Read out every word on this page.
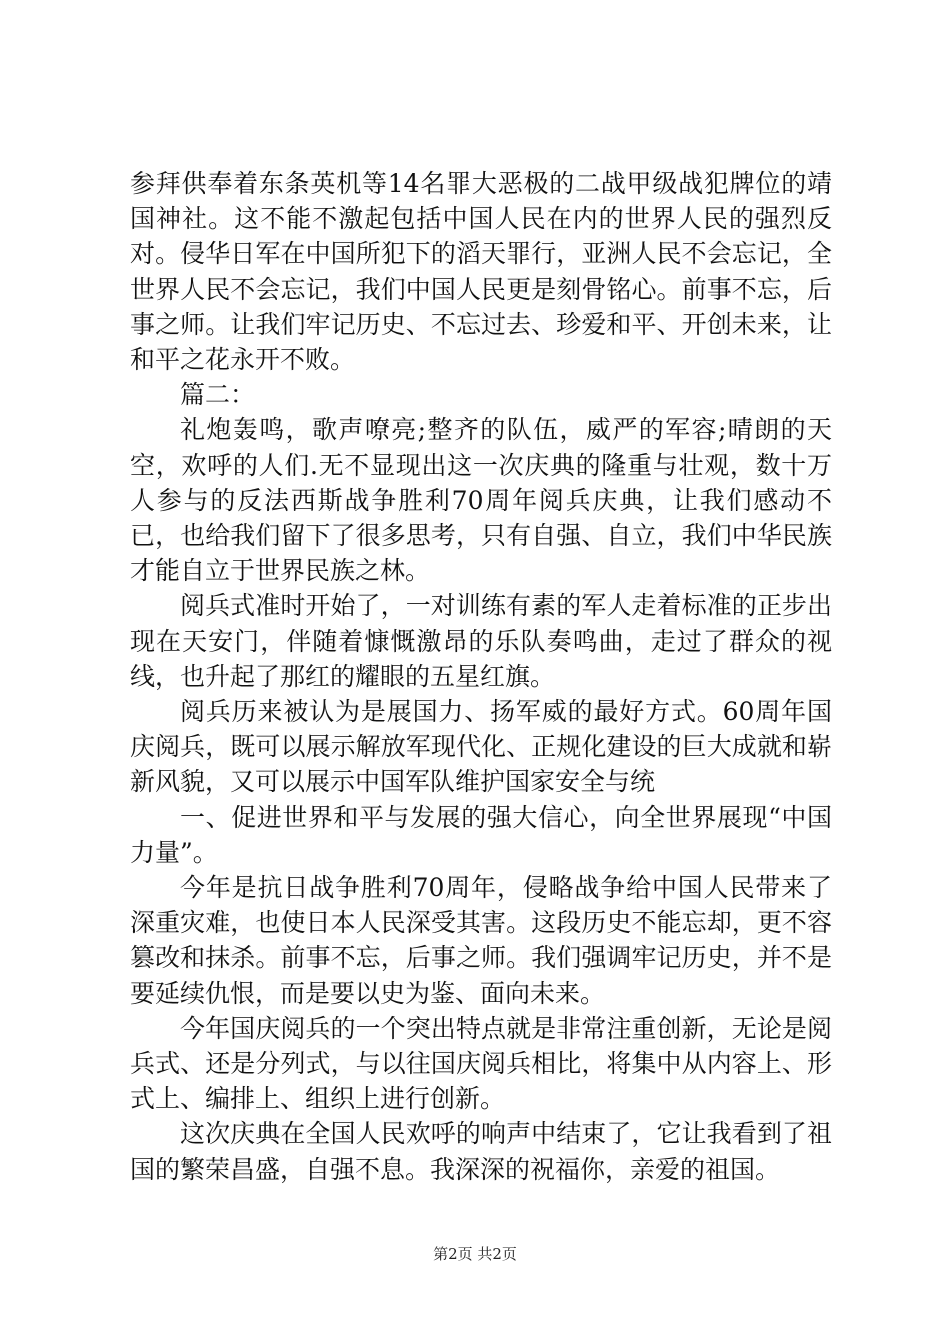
参拜供奉着东条英机等14名罪大恶极的二战甲级战犯牌位的靖国神社。这不能不激起包括中国人民在内的世界人民的强烈反对。侵华日军在中国所犯下的滔天罪行，亚洲人民不会忘记，全世界人民不会忘记，我们中国人民更是刻骨铭心。前事不忘，后事之师。让我们牢记历史、不忘过去、珍爱和平、开创未来，让和平之花永开不败。

篇二：

礼炮轰鸣，歌声嘹亮;整齐的队伍，威严的军容;晴朗的天空，欢呼的人们.无不显现出这一次庆典的隆重与壮观，数十万人参与的反法西斯战争胜利70周年阅兵庆典，让我们感动不已，也给我们留下了很多思考，只有自强、自立，我们中华民族才能自立于世界民族之林。

阅兵式准时开始了，一对训练有素的军人走着标准的正步出现在天安门，伴随着慷慨激昂的乐队奏鸣曲，走过了群众的视线，也升起了那红的耀眼的五星红旗。

阅兵历来被认为是展国力、扬军威的最好方式。60周年国庆阅兵，既可以展示解放军现代化、正规化建设的巨大成就和崭新风貌，又可以展示中国军队维护国家安全与统

一、促进世界和平与发展的强大信心，向全世界展现“中国力量”。

今年是抗日战争胜利70周年，侵略战争给中国人民带来了深重灾难，也使日本人民深受其害。这段历史不能忘却，更不容篡改和抹杀。前事不忘，后事之师。我们强调牢记历史，并不是要延续仇恨，而是要以史为鉴、面向未来。

今年国庆阅兵的一个突出特点就是非常注重创新，无论是阅兵式、还是分列式，与以往国庆阅兵相比，将集中从内容上、形式上、编排上、组织上进行创新。

这次庆典在全国人民欢呼的响声中结束了，它让我看到了祖国的繁荣昌盛，自强不息。我深深的祝福你，亲爱的祖国。

第2页 共2页
